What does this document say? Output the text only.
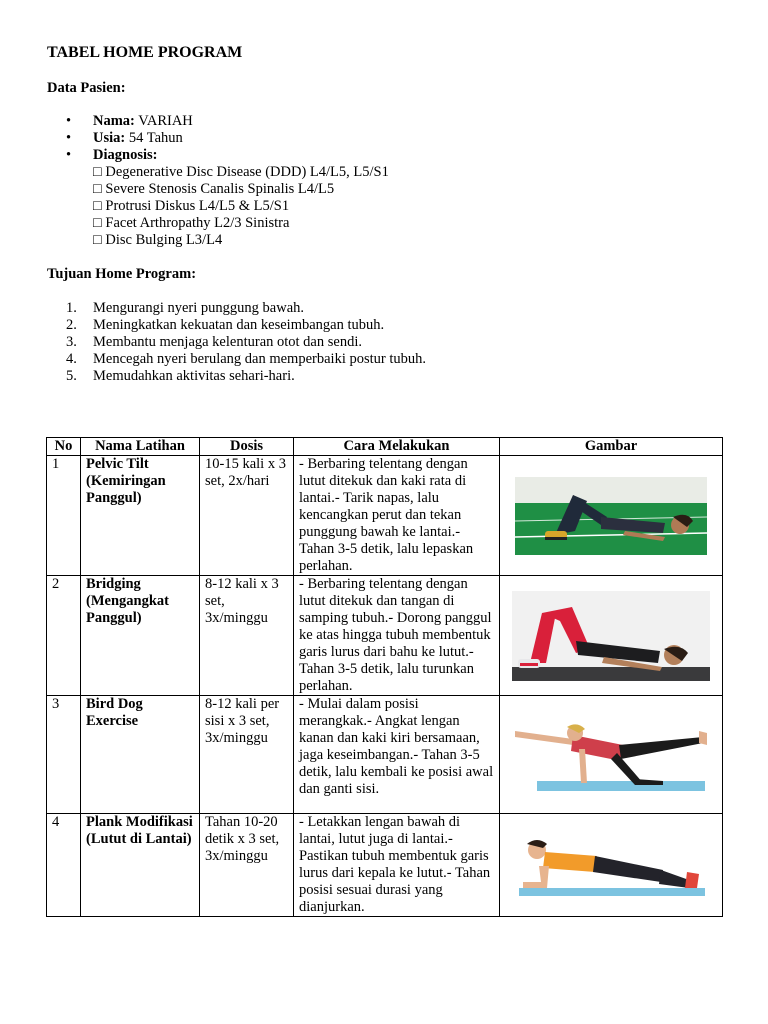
TABEL HOME PROGRAM
Data Pasien:
•	Nama: VARIAH
•	Usia: 54 Tahun
•	Diagnosis:
□ Degenerative Disc Disease (DDD) L4/L5, L5/S1
□ Severe Stenosis Canalis Spinalis L4/L5
□ Protrusi Diskus L4/L5 & L5/S1
□ Facet Arthropathy L2/3 Sinistra
□ Disc Bulging L3/L4
Tujuan Home Program:
1.	Mengurangi nyeri punggung bawah.
2.	Meningkatkan kekuatan dan keseimbangan tubuh.
3.	Membantu menjaga kelenturan otot dan sendi.
4.	Mencegah nyeri berulang dan memperbaiki postur tubuh.
5.	Memudahkan aktivitas sehari-hari.
No	Nama Latihan	Dosis	Cara Melakukan	Gambar
1	Pelvic Tilt (Kemiringan Panggul)	10-15 kali x 3 set, 2x/hari	- Berbaring telentang dengan lutut ditekuk dan kaki rata di lantai.- Tarik napas, lalu kencangkan perut dan tekan punggung bawah ke lantai.- Tahan 3-5 detik, lalu lepaskan perlahan.	

2	Bridging (Mengangkat Panggul)	8-12 kali x 3 set, 3x/minggu	- Berbaring telentang dengan lutut ditekuk dan tangan di samping tubuh.- Dorong panggul ke atas hingga tubuh membentuk garis lurus dari bahu ke lutut.- Tahan 3-5 detik, lalu turunkan perlahan.	

3	Bird Dog Exercise	8-12 kali per sisi x 3 set, 3x/minggu	- Mulai dalam posisi merangkak.- Angkat lengan kanan dan kaki kiri bersamaan, jaga keseimbangan.- Tahan 3-5 detik, lalu kembali ke posisi awal dan ganti sisi.	

4	Plank Modifikasi (Lutut di Lantai)	Tahan 10-20 detik x 3 set, 3x/minggu	- Letakkan lengan bawah di lantai, lutut juga di lantai.- Pastikan tubuh membentuk garis lurus dari kepala ke lutut.- Tahan posisi sesuai durasi yang dianjurkan.	
